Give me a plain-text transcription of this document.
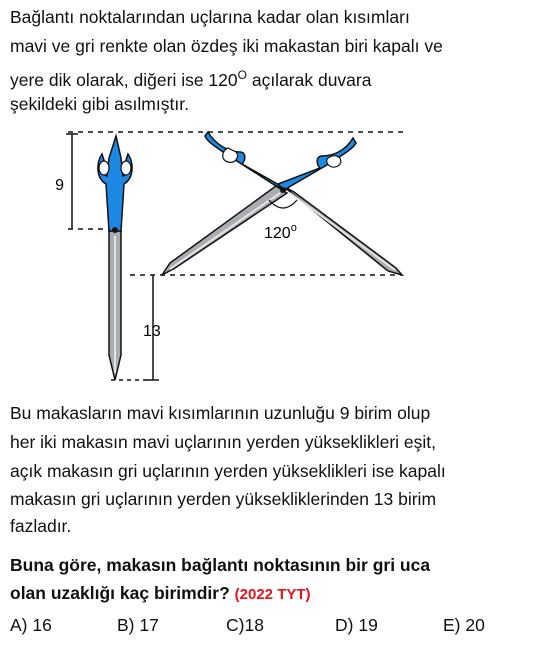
Bağlantı noktalarından uçlarına kadar olan kısımları
mavi ve gri renkte olan özdeş iki makastan biri kapalı ve
yere dik olarak, diğeri ise $120^O$ açılarak duvara
şekildeki gibi asılmıştır.
9
13
120$^o$
Bu makasların mavi kısımlarının uzunluğu 9 birim olup
her iki makasın mavi uçlarının yerden yükseklikleri eşit,
açık makasın gri uçlarının yerden yükseklikleri ise kapalı
makasın gri uçlarının yerden yüksekliklerinden 13 birim
fazladır.
Buna göre, makasın bağlantı noktasının bir gri uca
olan uzaklığı kaç birimdir? (2022 TYT)
A) 16	B) 17	C)18	D) 19	E) 20
